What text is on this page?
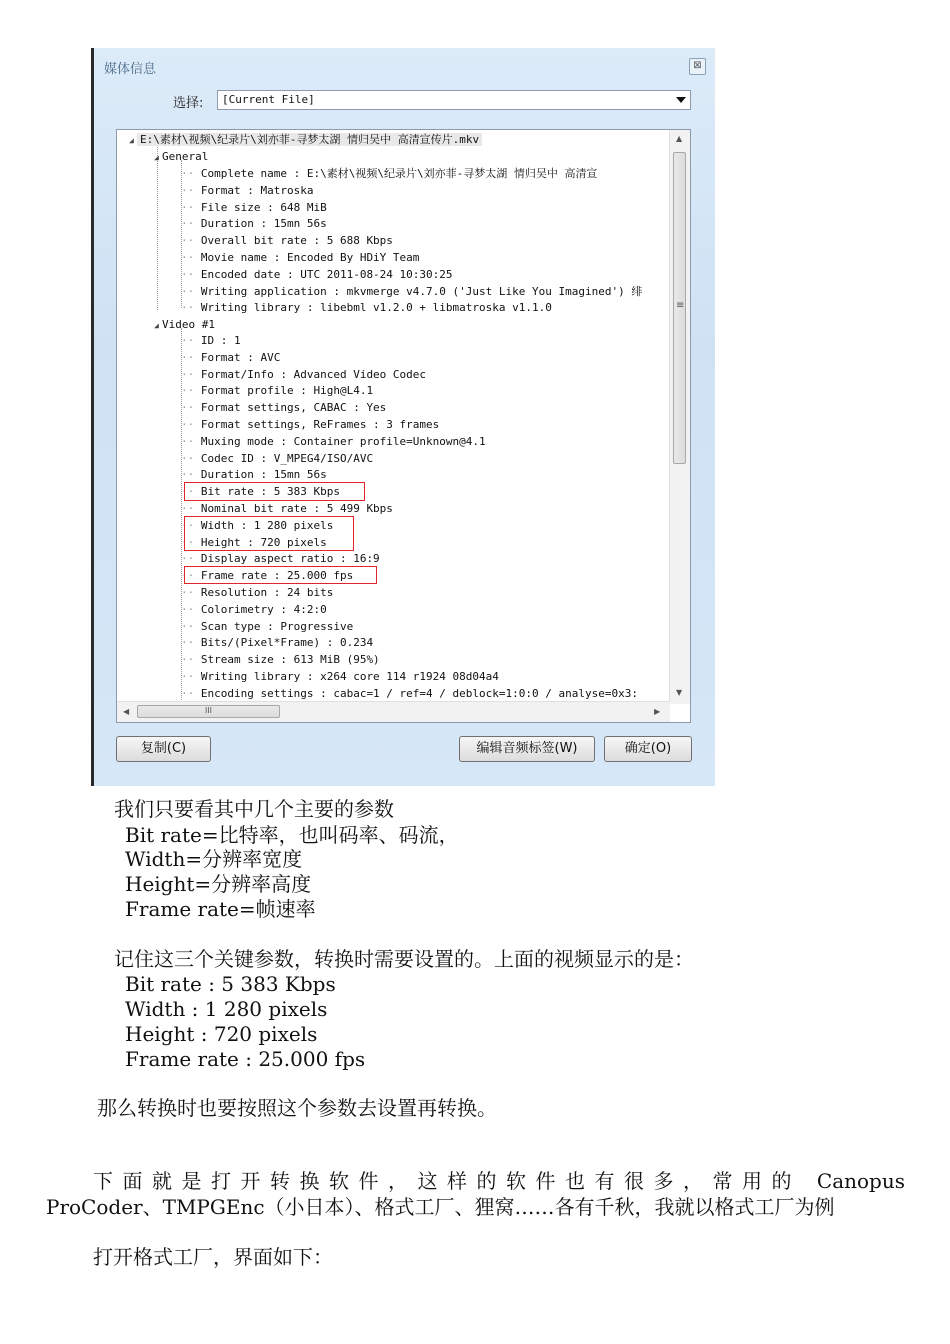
媒体信息	⊠
选择:	[Current File]
◢ E:\素材\视频\纪录片\刘亦菲-寻梦太湖 情归吴中 高清宣传片.mkv
◢ General
·· Complete name : E:\素材\视频\纪录片\刘亦菲-寻梦太湖 情归吴中 高清宣
·· Format : Matroska
·· File size : 648 MiB
·· Duration : 15mn 56s
·· Overall bit rate : 5 688 Kbps
·· Movie name : Encoded By HDiY Team
·· Encoded date : UTC 2011-08-24 10:30:25
·· Writing application : mkvmerge v4.7.0 ('Just Like You Imagined') 绯
·· Writing library : libebml v1.2.0 + libmatroska v1.1.0
◢ Video #1
·· ID : 1
·· Format : AVC
·· Format/Info : Advanced Video Codec
·· Format profile : High@L4.1
·· Format settings, CABAC : Yes
·· Format settings, ReFrames : 3 frames
·· Muxing mode : Container profile=Unknown@4.1
·· Codec ID : V_MPEG4/ISO/AVC
·· Duration : 15mn 56s
·· Bit rate : 5 383 Kbps
·· Nominal bit rate : 5 499 Kbps
·· Width : 1 280 pixels
·· Height : 720 pixels
·· Display aspect ratio : 16:9
·· Frame rate : 25.000 fps
·· Resolution : 24 bits
·· Colorimetry : 4:2:0
·· Scan type : Progressive
·· Bits/(Pixel*Frame) : 0.234
·· Stream size : 613 MiB (95%)
·· Writing library : x264 core 114 r1924 08d04a4
·· Encoding settings : cabac=1 / ref=4 / deblock=1:0:0 / analyse=0x3:
▲
≡
▼
◀	III	▶
复制(C)	编辑音频标签(W)	确定(O)
我们只要看其中几个主要的参数
Bit rate=比特率，也叫码率、码流，
Width=分辨率宽度
Height=分辨率高度
Frame rate=帧速率
记住这三个关键参数，转换时需要设置的。上面的视频显示的是：
Bit rate : 5 383 Kbps
Width : 1 280 pixels
Height : 720 pixels
Frame rate : 25.000 fps
那么转换时也要按照这个参数去设置再转换。
下面就是打开转换软件，这样的软件也有很多，常用的 Canopus
ProCoder、TMPGEnc（小日本）、格式工厂、狸窝……各有千秋，我就以格式工厂为例
打开格式工厂，界面如下：
